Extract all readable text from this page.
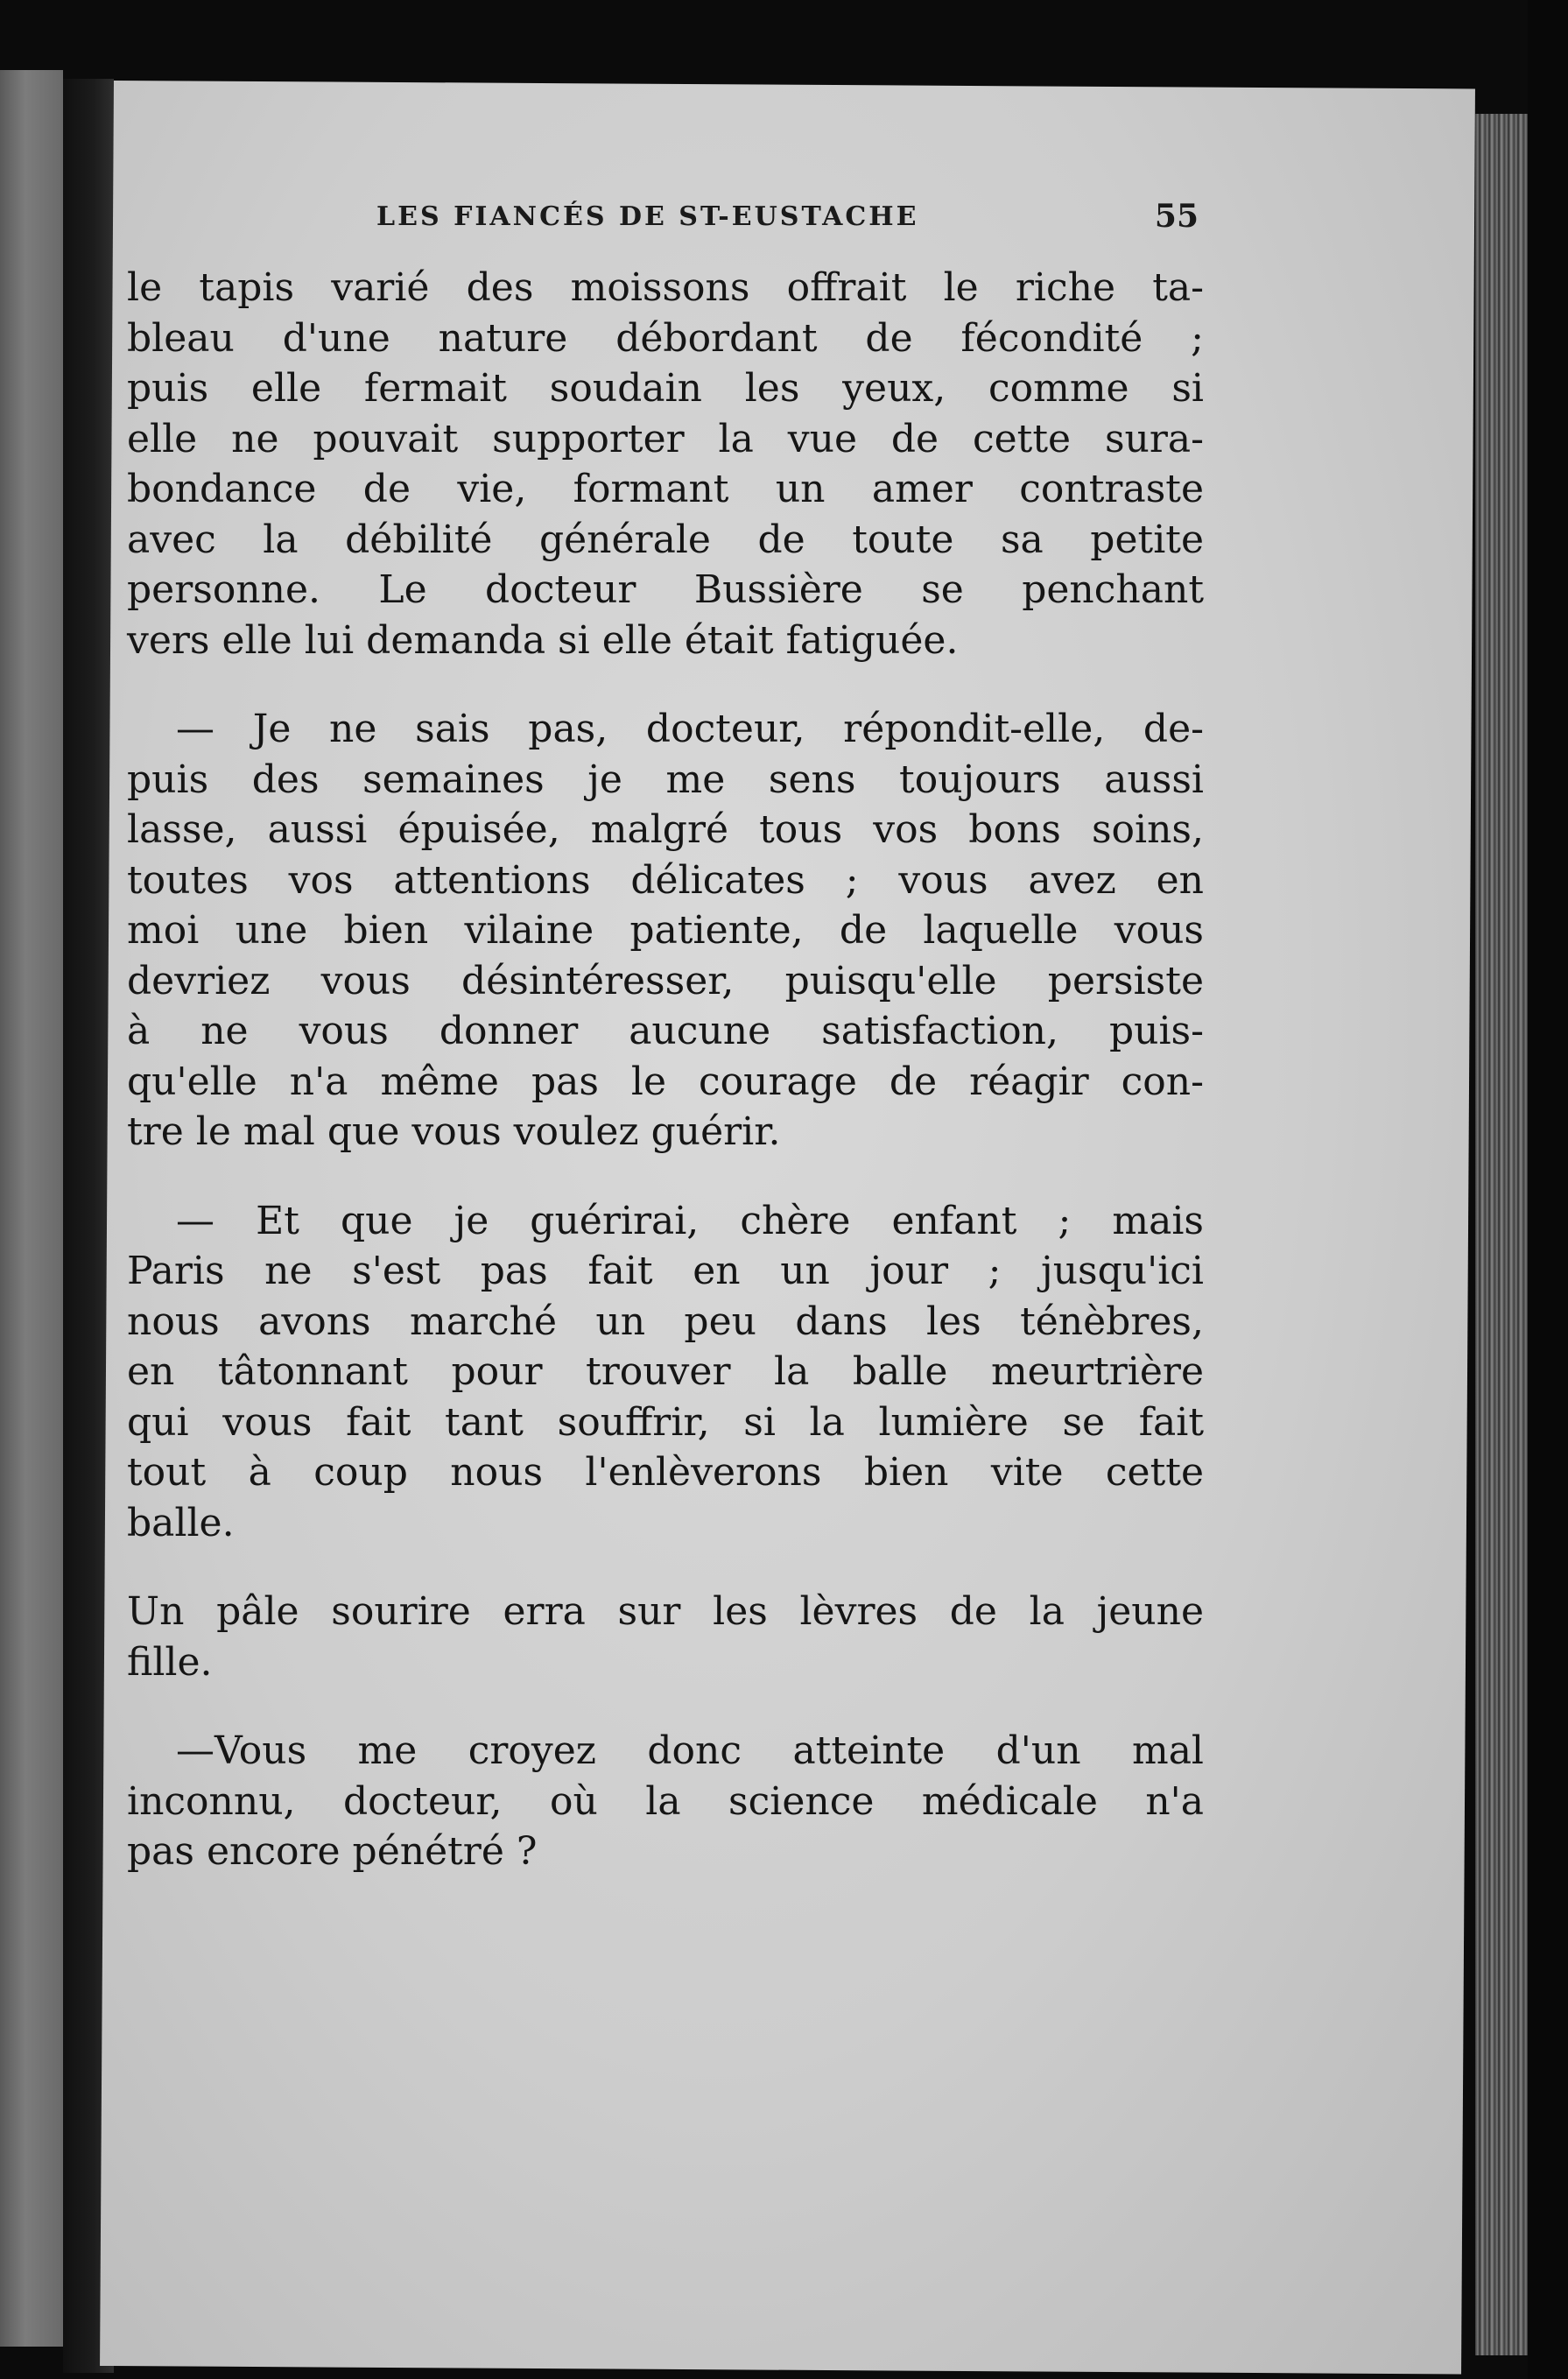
LES FIANCÉS DE ST-EUSTACHE	55

le tapis varié des moissons offrait le riche ta-
bleau d'une nature débordant de fécondité ;
puis elle fermait soudain les yeux, comme si
elle ne pouvait supporter la vue de cette sura-
bondance de vie, formant un amer contraste
avec la débilité générale de toute sa petite
personne. Le docteur Bussière se penchant
vers elle lui demanda si elle était fatiguée.

— Je ne sais pas, docteur, répondit-elle, de-
puis des semaines je me sens toujours aussi
lasse, aussi épuisée, malgré tous vos bons soins,
toutes vos attentions délicates ; vous avez en
moi une bien vilaine patiente, de laquelle vous
devriez vous désintéresser, puisqu'elle persiste
à ne vous donner aucune satisfaction, puis-
qu'elle n'a même pas le courage de réagir con-
tre le mal que vous voulez guérir.

— Et que je guérirai, chère enfant ; mais
Paris ne s'est pas fait en un jour ; jusqu'ici
nous avons marché un peu dans les ténèbres,
en tâtonnant pour trouver la balle meurtrière
qui vous fait tant souffrir, si la lumière se fait
tout à coup nous l'enlèverons bien vite cette
balle.

Un pâle sourire erra sur les lèvres de la jeune
fille.

—Vous me croyez donc atteinte d'un mal
inconnu, docteur, où la science médicale n'a
pas encore pénétré ?
